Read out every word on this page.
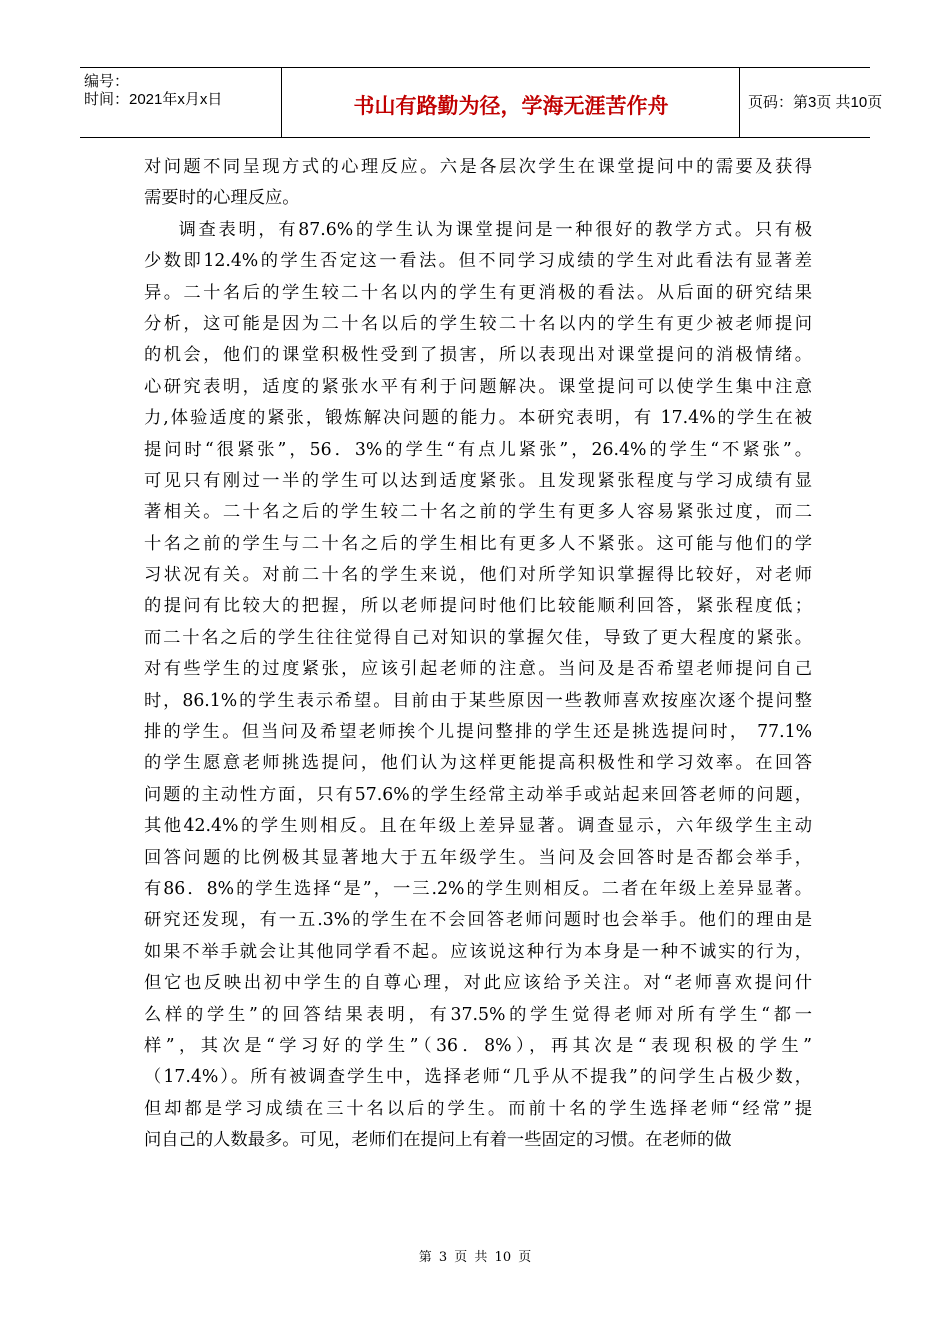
编号：
时间：2021年x月x日	书山有路勤为径，学海无涯苦作舟	页码：第3页 共10页
对问题不同呈现方式的心理反应。六是各层次学生在课堂提问中的需要及获得
需要时的心理反应。
调查表明，有87.6%的学生认为课堂提问是一种很好的教学方式。只有极
少数即12.4%的学生否定这一看法。但不同学习成绩的学生对此看法有显著差
异。二十名后的学生较二十名以内的学生有更消极的看法。从后面的研究结果
分析，这可能是因为二十名以后的学生较二十名以内的学生有更少被老师提问
的机会，他们的课堂积极性受到了损害，所以表现出对课堂提问的消极情绪。
心研究表明，适度的紧张水平有利于问题解决。课堂提问可以使学生集中注意
力,体验适度的紧张，锻炼解决问题的能力。本研究表明，有 17.4%的学生在被
提问时“很紧张”，56．3%的学生“有点儿紧张”，26.4%的学生“不紧张”。
可见只有刚过一半的学生可以达到适度紧张。且发现紧张程度与学习成绩有显
著相关。二十名之后的学生较二十名之前的学生有更多人容易紧张过度，而二
十名之前的学生与二十名之后的学生相比有更多人不紧张。这可能与他们的学
习状况有关。对前二十名的学生来说，他们对所学知识掌握得比较好，对老师
的提问有比较大的把握，所以老师提问时他们比较能顺利回答，紧张程度低；
而二十名之后的学生往往觉得自己对知识的掌握欠佳，导致了更大程度的紧张。
对有些学生的过度紧张，应该引起老师的注意。当问及是否希望老师提问自己
时，86.1%的学生表示希望。目前由于某些原因一些教师喜欢按座次逐个提问整
排的学生。但当问及希望老师挨个儿提问整排的学生还是挑选提问时， 77.1%
的学生愿意老师挑选提问，他们认为这样更能提高积极性和学习效率。在回答
问题的主动性方面，只有57.6%的学生经常主动举手或站起来回答老师的问题，
其他42.4%的学生则相反。且在年级上差异显著。调查显示，六年级学生主动
回答问题的比例极其显著地大于五年级学生。当问及会回答时是否都会举手，
有86．8%的学生选择“是”，一三.2%的学生则相反。二者在年级上差异显著。
研究还发现，有一五.3%的学生在不会回答老师问题时也会举手。他们的理由是
如果不举手就会让其他同学看不起。应该说这种行为本身是一种不诚实的行为，
但它也反映出初中学生的自尊心理，对此应该给予关注。对“老师喜欢提问什
么样的学生”的回答结果表明，有37.5%的学生觉得老师对所有学生“都一
样”，其次是“学习好的学生”（36．8%），再其次是“表现积极的学生”
（17.4%）。所有被调查学生中，选择老师“几乎从不提我”的问学生占极少数，
但却都是学习成绩在三十名以后的学生。而前十名的学生选择老师“经常”提
问自己的人数最多。可见，老师们在提问上有着一些固定的习惯。在老师的做
第 3 页 共 10 页
